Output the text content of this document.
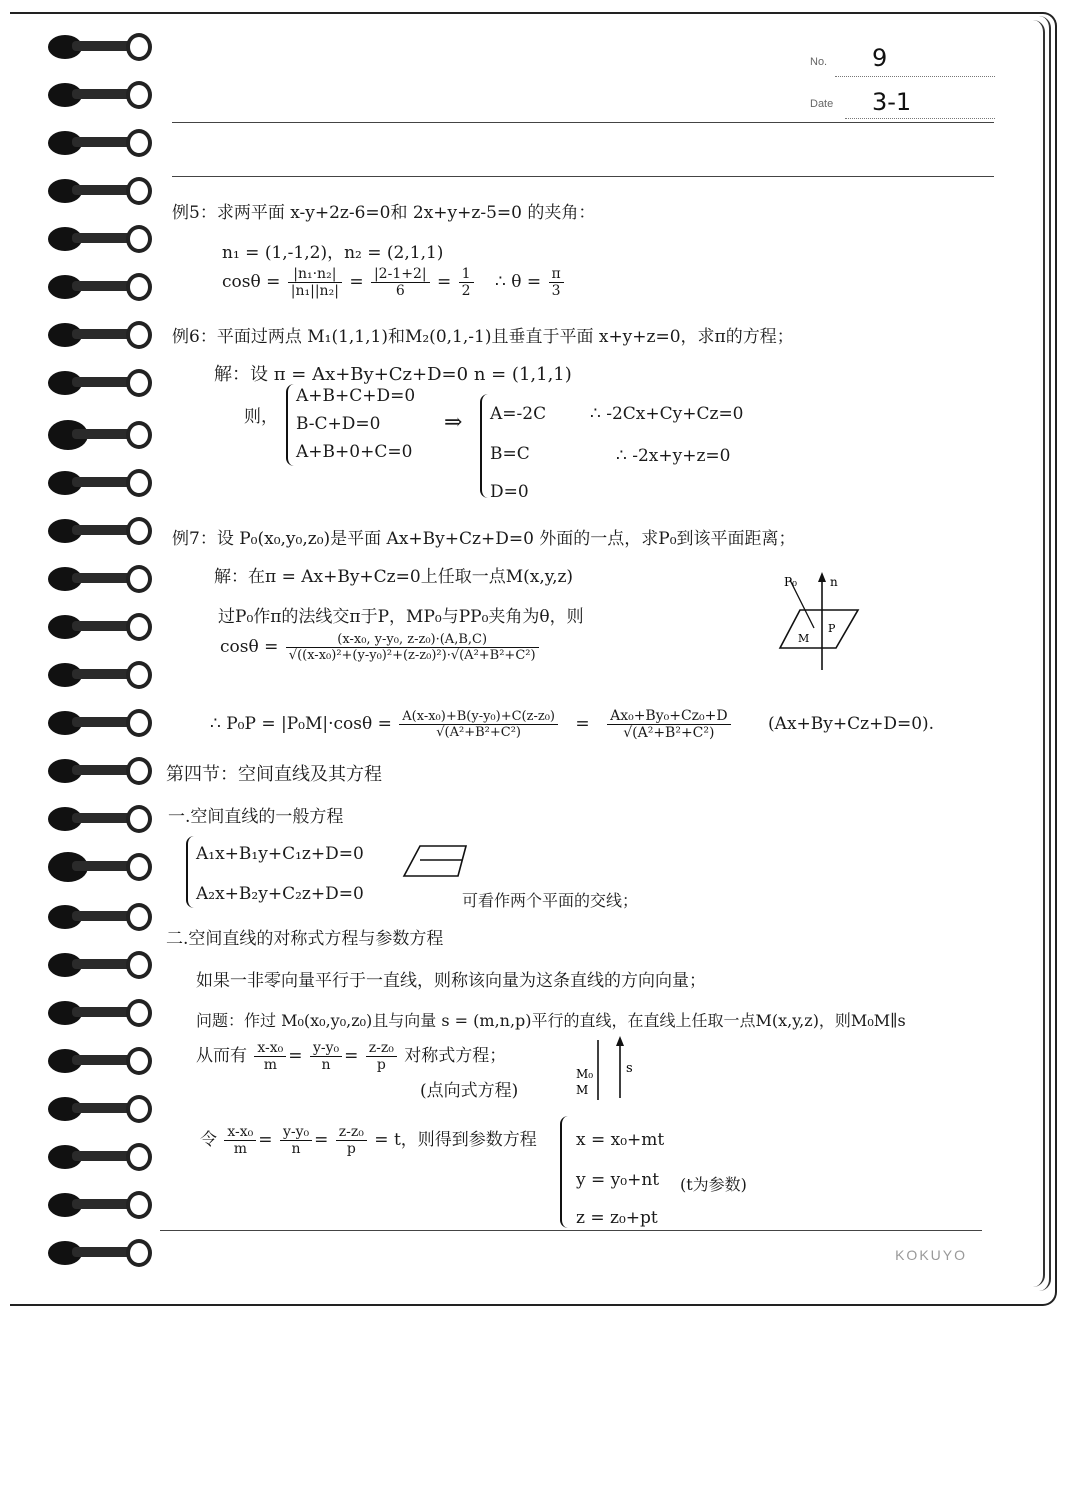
No. 9
Date 3-1
例5：求两平面 x-y+2z-6=0和 2x+y+z-5=0 的夹角：
n₁ = (1,-1,2)，n₂ = (2,1,1)
$\cos\theta = \frac{\text{|n₁·n₂|}}{\text{|n₁||n₂|}} = \frac{|2-1+2|}{6} = \frac{1}{2}$ ∴ $\theta = \frac{\pi}{3}$
例6：平面过两点 M₁(1,1,1)和M₂(0,1,-1)且垂直于平面 x+y+z=0，求π的方程；
解：设 π = Ax+By+Cz+D=0 n = (1,1,1)
则，
A+B+C+D=0
B-C+D=0
A+B+0+C=0
⇒ A=-2C
B=C
D=0
∴ -2Cx+Cy+Cz=0
∴ -2x+y+z=0
例7：设 P₀(x₀,y₀,z₀)是平面 Ax+By+Cz+D=0 外面的一点，求P₀到该平面距离；
解：在π = Ax+By+Cz=0上任取一点M(x,y,z)
过P₀作π的法线交π于P，MP₀与PP₀夹角为θ，则
$\cos\theta = \frac{\text{(x-x₀, y-y₀, z-z₀)·(A,B,C)}}{\text{√((x-x₀)²+(y-y₀)²+(z-z₀)²)·√(A²+B²+C²)}}$
P₀	n
M
P
∴ $P_0P = |P_0M|\cdot\cos\theta = \frac{\text{A(x-x₀)+B(y-y₀)+C(z-z₀)}}{\text{√(A²+B²+C²)}} = \frac{\text{Ax₀+By₀+Cz₀+D}}{\text{√(A²+B²+C²)}} (Ax+By+Cz+D=0)$.
第四节：空间直线及其方程
一.空间直线的一般方程
A₁x+B₁y+C₁z+D=0
A₂x+B₂y+C₂z+D=0	可看作两个平面的交线；
二.空间直线的对称式方程与参数方程
如果一非零向量平行于一直线，则称该向量为这条直线的方向向量；
问题：作过 M₀(x₀,y₀,z₀)且与向量 s = (m,n,p)平行的直线，在直线上任取一点M(x,y,z)，则M₀M∥s
从而有 $\frac{\text{x-x₀}}{m} = \frac{\text{y-y₀}}{n} = \frac{\text{z-z₀}}{p}$ 对称式方程；
(点向式方程)
M₀
M
s
令 $\frac{\text{x-x₀}}{m} = \frac{\text{y-y₀}}{n} = \frac{\text{z-z₀}}{p} = t$，则得到参数方程 x = x₀+mt
y = y₀+nt
z = z₀+pt
(t为参数)
KOKUYO
